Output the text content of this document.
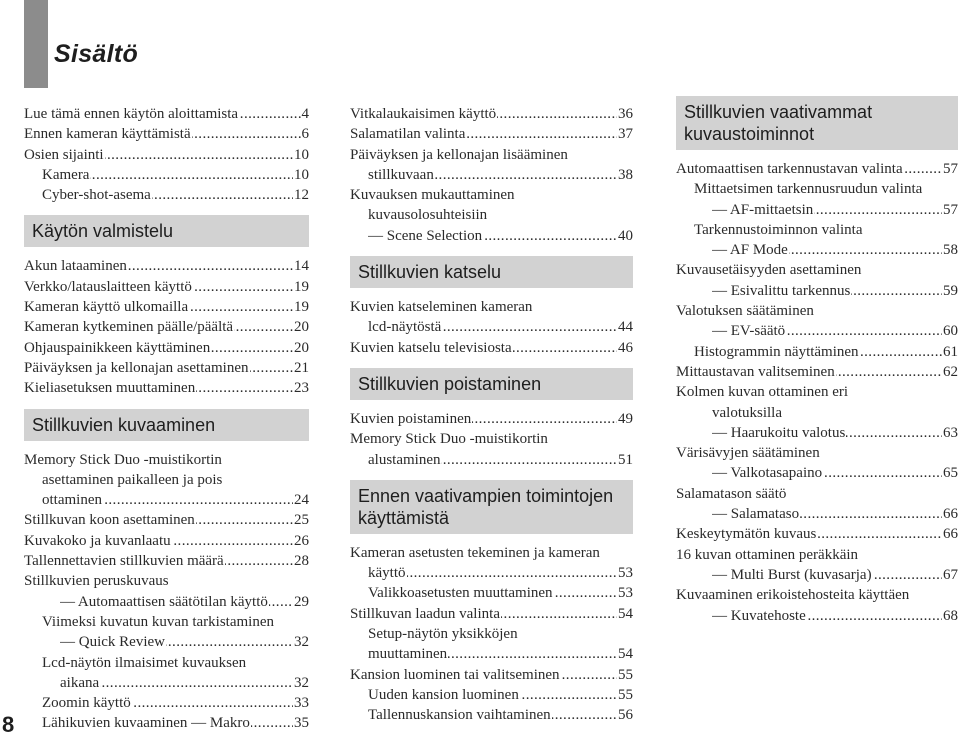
Sisältö
8
Lue tämä ennen käytön aloittamista	4
.....
Ennen kameran käyttämistä	6
.....
Osien sijainti	10
.....
Kamera	10
.....
Cyber-shot-asema	12
.....
Käytön valmistelu
Akun lataaminen	14
.....
Verkko/latauslaitteen käyttö	19
.....
Kameran käyttö ulkomailla	19
.....
Kameran kytkeminen päälle/päältä	20
.....
Ohjauspainikkeen käyttäminen	20
.....
Päiväyksen ja kellonajan asettaminen	21
.....
Kieliasetuksen muuttaminen	23
.....
Stillkuvien kuvaaminen
Memory Stick Duo -muistikortin
asettaminen paikalleen ja pois
ottaminen	24
.....
Stillkuvan koon asettaminen	25
.....
Kuvakoko ja kuvanlaatu	26
.....
Tallennettavien stillkuvien määrä	28
.....
Stillkuvien peruskuvaus
— Automaattisen säätötilan käyttö 29
.....
Viimeksi kuvatun kuvan tarkistaminen
— Quick Review	32
.....
Lcd-näytön ilmaisimet kuvauksen
aikana	32
.....
Zoomin käyttö	33
.....
Lähikuvien kuvaaminen — Makro	35
.....
Vitkalaukaisimen käyttö	36
.....
Salamatilan valinta	37
.....
Päiväyksen ja kellonajan lisääminen
stillkuvaan	38
.....
Kuvauksen mukauttaminen
kuvausolosuhteisiin
— Scene Selection	40
.....
Stillkuvien katselu
Kuvien katseleminen kameran
lcd-näytöstä	44
.....
Kuvien katselu televisiosta	46
.....
Stillkuvien poistaminen
Kuvien poistaminen	49
.....
Memory Stick Duo -muistikortin
alustaminen	51
.....
Ennen vaativampien toimintojen käyttämistä
Kameran asetusten tekeminen ja kameran
käyttö	53
.....
Valikkoasetusten muuttaminen	53
.....
Stillkuvan laadun valinta	54
.....
Setup-näytön yksikköjen
muuttaminen	54
.....
Kansion luominen tai valitseminen	55
.....
Uuden kansion luominen	55
.....
Tallennuskansion vaihtaminen	56
.....
Stillkuvien vaativammat kuvaustoiminnot
Automaattisen tarkennustavan valinta	57
.....
Mittaetsimen tarkennusruudun valinta
— AF-mittaetsin	57
.....
Tarkennustoiminnon valinta
— AF Mode	58
.....
Kuvausetäisyyden asettaminen
— Esivalittu tarkennus	59
.....
Valotuksen säätäminen
— EV-säätö	60
.....
Histogrammin näyttäminen	61
.....
Mittaustavan valitseminen	62
.....
Kolmen kuvan ottaminen eri
valotuksilla
— Haarukoitu valotus	63
.....
Värisävyjen säätäminen
— Valkotasapaino	65
.....
Salamatason säätö
— Salamataso	66
.....
Keskeytymätön kuvaus	66
.....
16 kuvan ottaminen peräkkäin
— Multi Burst (kuvasarja)	67
.....
Kuvaaminen erikoistehosteita käyttäen
— Kuvatehoste	68
.....
